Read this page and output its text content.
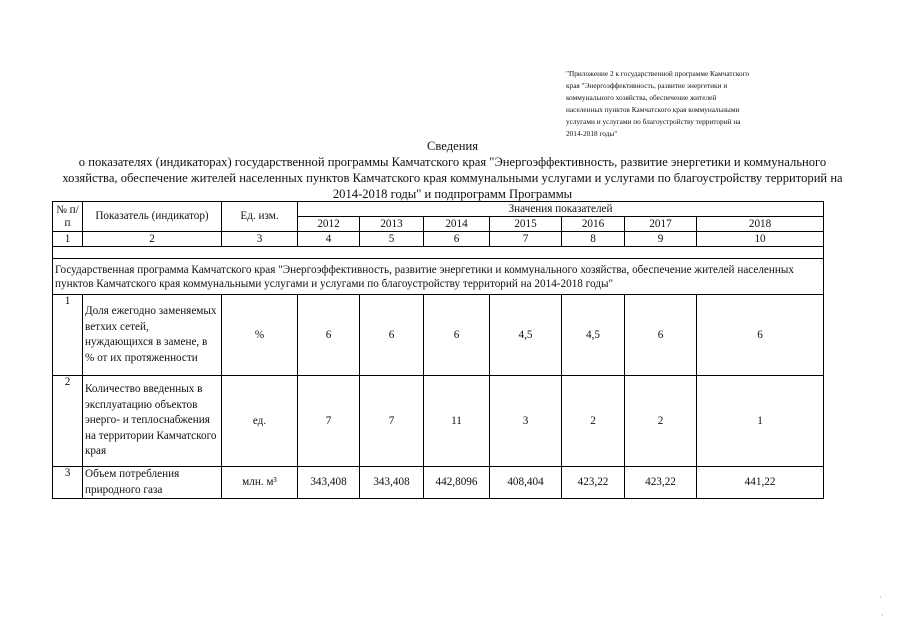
"Приложение 2 к государственной программе Камчатского
края "Энергоэффективность, развитие энергетики и
коммунального хозяйства, обеспечение жителей
населенных пунктов Камчатского края коммунальными
услугами и услугами по благоустройству территорий на
2014-2018 годы"
Сведения
о показателях (индикаторах) государственной программы Камчатского края "Энергоэффективность, развитие энергетики и коммунального
хозяйства, обеспечение жителей населенных пунктов Камчатского края коммунальными услугами и услугами по благоустройству территорий на
2014-2018 годы" и подпрограмм Программы
№ п/п	Показатель (индикатор)	Ед. изм.	Значения показателей						
			2012	2013	2014	2015	2016	2017	2018
1	2	3	4	5	6	7	8	9	10

Государственная программа Камчатского края "Энергоэффективность, развитие энергетики и коммунального хозяйства, обеспечение жителей населенных пунктов Камчатского края коммунальными услугами и услугами по благоустройству территорий на 2014-2018 годы"									
1	Доля ежегодно заменяемых ветхих сетей, нуждающихся в замене, в % от их протяженности	%	6	6	6	4,5	4,5	6	6
2	Количество введенных в эксплуатацию объектов энерго- и теплоснабжения на территории Камчатского края	ед.	7	7	11	3	2	2	1
3	Объем потребления природного газа	млн. м³	343,408	343,408	442,8096	408,404	423,22	423,22	441,22
·
·
